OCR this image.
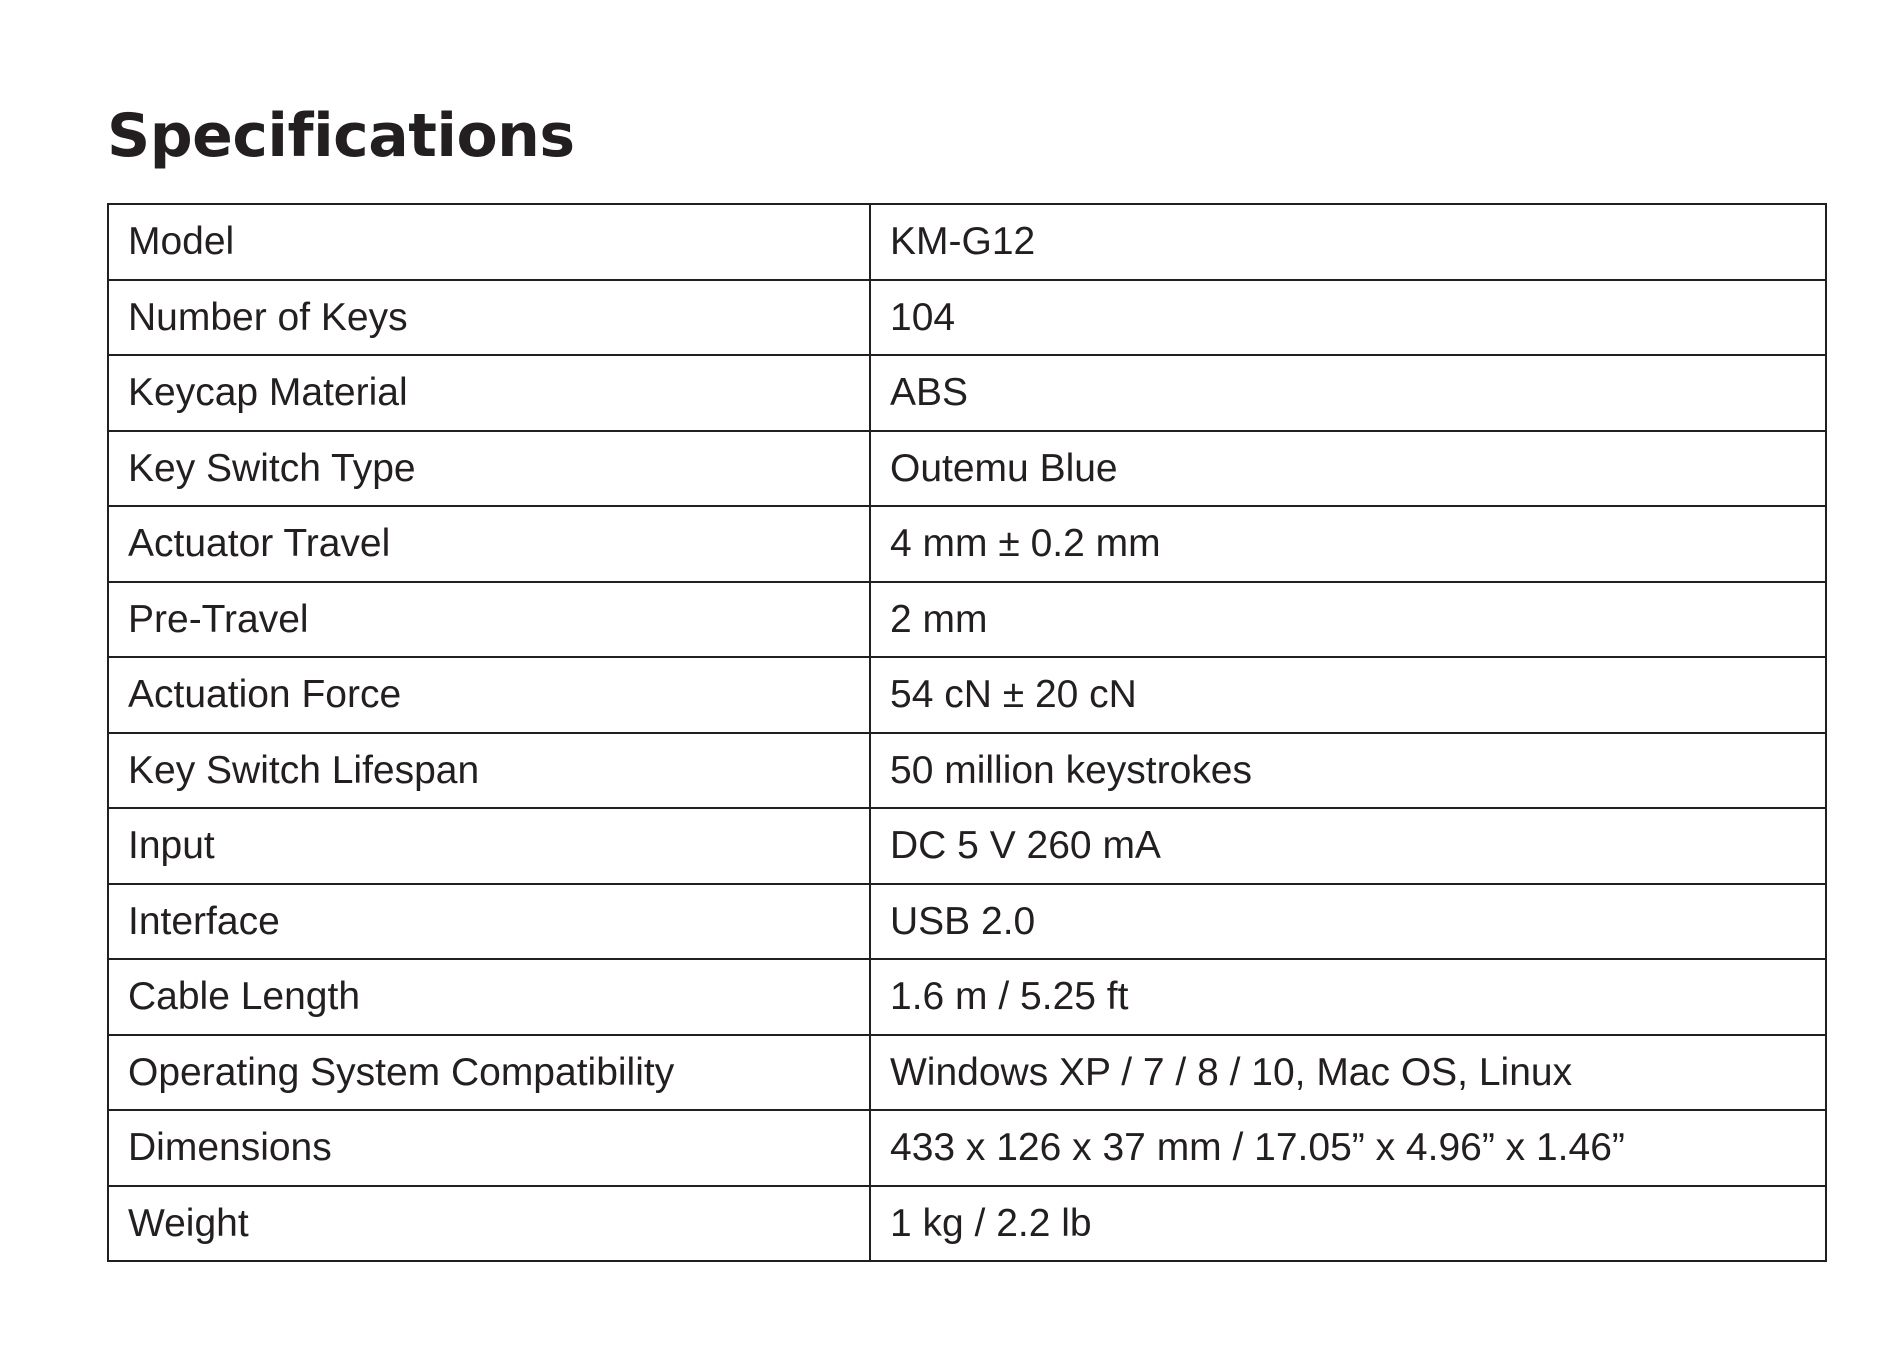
Specifications
Model	KM-G12
Number of Keys	104
Keycap Material	ABS
Key Switch Type	Outemu Blue
Actuator Travel	4 mm ± 0.2 mm
Pre-Travel	2 mm
Actuation Force	54 cN ± 20 cN
Key Switch Lifespan	50 million keystrokes
Input	DC 5 V 260 mA
Interface	USB 2.0
Cable Length	1.6 m / 5.25 ft
Operating System Compatibility	Windows XP / 7 / 8 / 10, Mac OS, Linux
Dimensions	433 x 126 x 37 mm / 17.05” x 4.96” x 1.46”
Weight	1 kg / 2.2 lb
